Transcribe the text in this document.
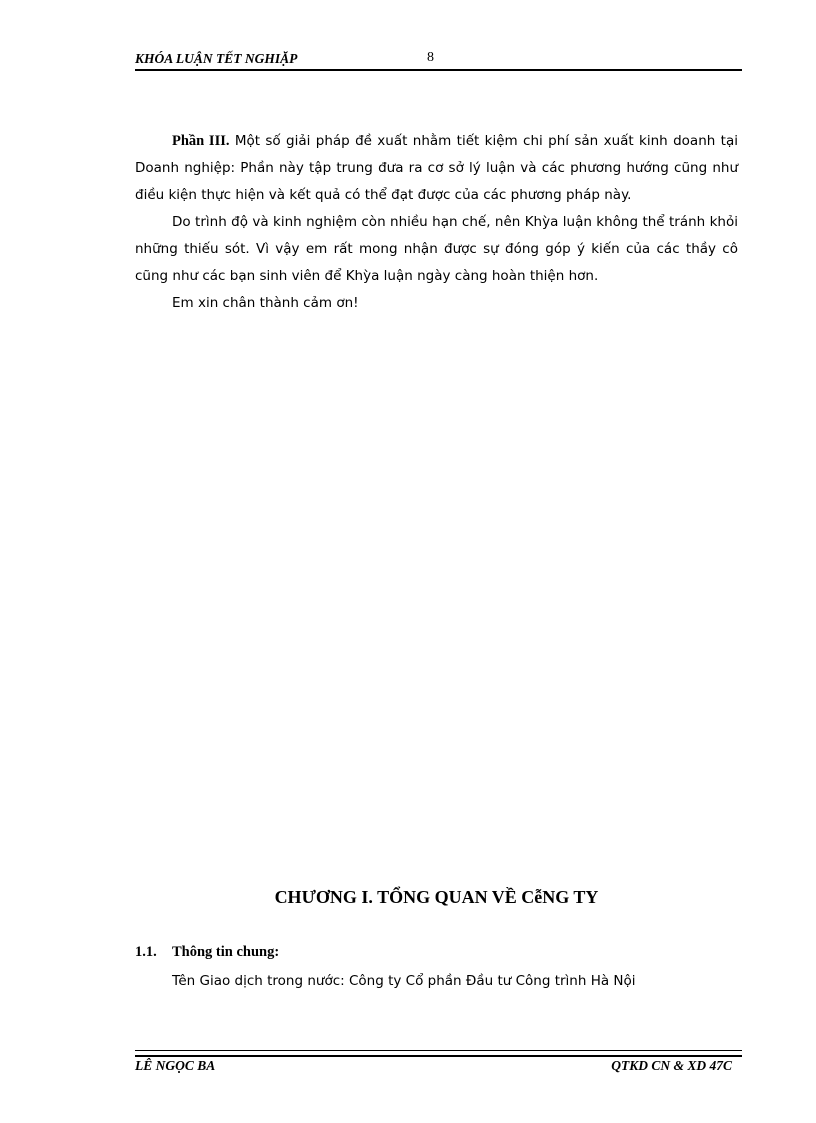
KHÓA LUẬN TẾT NGHIẶP	8

Phần III. Một số giải pháp đề xuất nhằm tiết kiệm chi phí sản xuất kinh doanh tại Doanh nghiệp: Phần này tập trung đưa ra cơ sở lý luận và các phương hướng cũng như điều kiện thực hiện và kết quả có thể đạt được của các phương pháp này.

Do trình độ và kinh nghiệm còn nhiều hạn chế, nên Khỳa luận không thể tránh khỏi những thiếu sót. Vì vậy em rất mong nhận được sự đóng góp ý kiến của các thầy cô cũng như các bạn sinh viên để Khỳa luận ngày càng hoàn thiện hơn.

Em xin chân thành cảm ơn!

CHƯƠNG I. TỔNG QUAN VỀ CễNG TY
1.1. Thông tin chung:
Tên Giao dịch trong nước: Công ty Cổ phần Đầu tư Công trình Hà Nội
LÊ NGỌC BA	QTKD CN & XD 47C
